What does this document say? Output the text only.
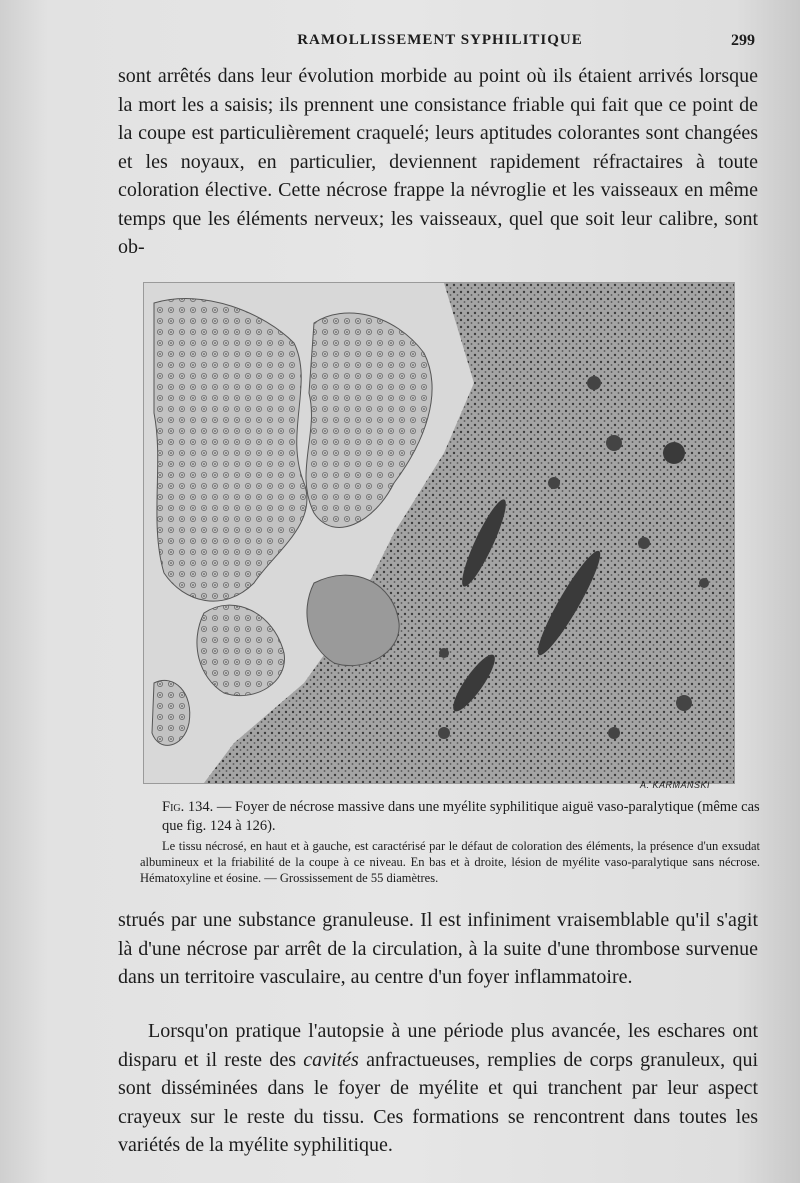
RAMOLLISSEMENT SYPHILITIQUE	299

sont arrêtés dans leur évolution morbide au point où ils étaient arrivés lorsque la mort les a saisis; ils prennent une consistance friable qui fait que ce point de la coupe est particulièrement craquelé; leurs aptitudes colorantes sont changées et les noyaux, en particulier, deviennent rapidement réfractaires à toute coloration élective. Cette nécrose frappe la névroglie et les vaisseaux en même temps que les éléments nerveux; les vaisseaux, quel que soit leur calibre, sont ob-

A. KARMANSKI

Fig. 134. — Foyer de nécrose massive dans une myélite syphilitique aiguë vaso-paralytique (même cas que fig. 124 à 126).

Le tissu nécrosé, en haut et à gauche, est caractérisé par le défaut de coloration des éléments, la présence d'un exsudat albumineux et la friabilité de la coupe à ce niveau. En bas et à droite, lésion de myélite vaso-paralytique sans nécrose. Hématoxyline et éosine. — Grossissement de 55 diamètres.

strués par une substance granuleuse. Il est infiniment vraisemblable qu'il s'agit là d'une nécrose par arrêt de la circulation, à la suite d'une thrombose survenue dans un territoire vasculaire, au centre d'un foyer inflammatoire.

Lorsqu'on pratique l'autopsie à une période plus avancée, les eschares ont disparu et il reste des cavités anfractueuses, remplies de corps granuleux, qui sont disséminées dans le foyer de myélite et qui tranchent par leur aspect crayeux sur le reste du tissu. Ces formations se rencontrent dans toutes les variétés de la myélite syphilitique.
